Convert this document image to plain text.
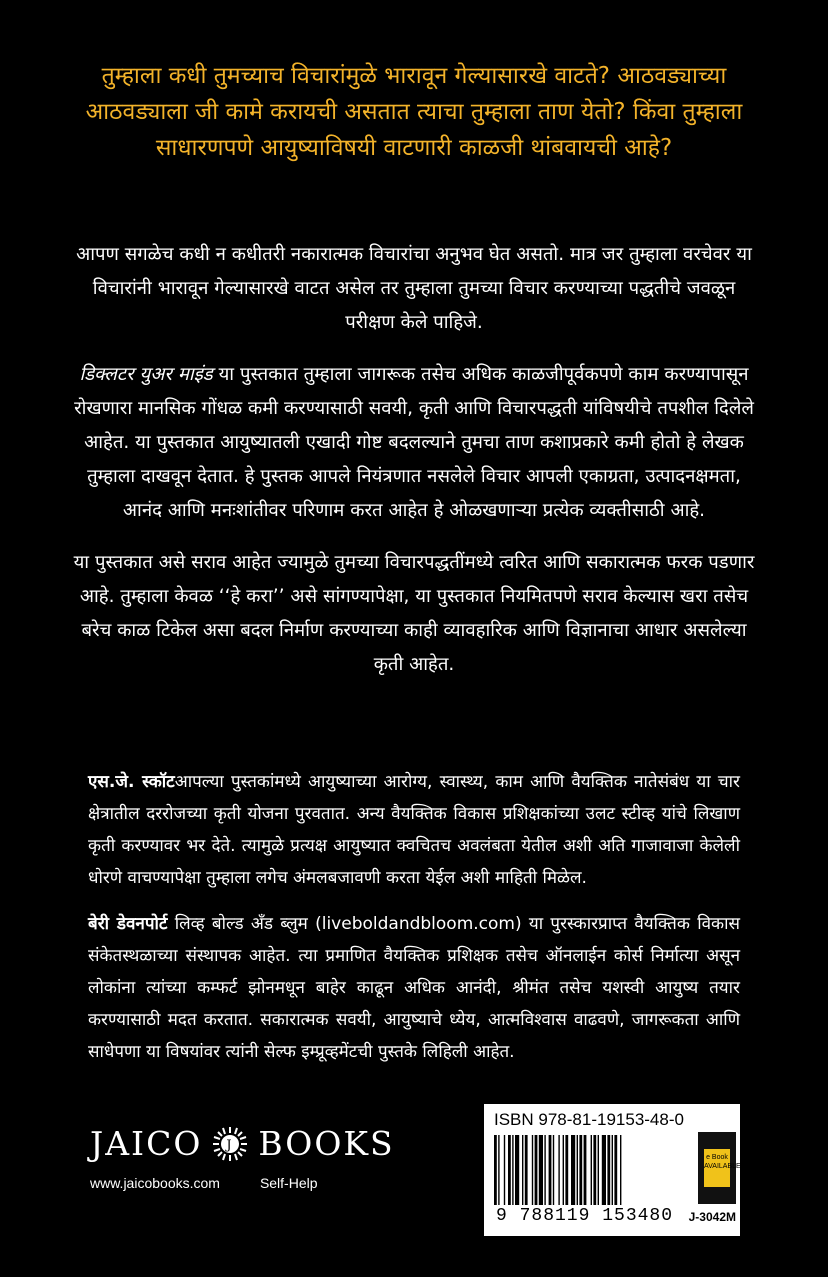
तुम्हाला कधी तुमच्याच विचारांमुळे भारावून गेल्यासारखे वाटते? आठवड्याच्या आठवड्याला जी कामे करायची असतात त्याचा तुम्हाला ताण येतो? किंवा तुम्हाला साधारणपणे आयुष्याविषयी वाटणारी काळजी थांबवायची आहे?

आपण सगळेच कधी न कधीतरी नकारात्मक विचारांचा अनुभव घेत असतो. मात्र जर तुम्हाला वरचेवर या विचारांनी भारावून गेल्यासारखे वाटत असेल तर तुम्हाला तुमच्या विचार करण्याच्या पद्धतीचे जवळून परीक्षण केले पाहिजे.

डिक्लटर युअर माइंड या पुस्तकात तुम्हाला जागरूक तसेच अधिक काळजीपूर्वकपणे काम करण्यापासून रोखणारा मानसिक गोंधळ कमी करण्यासाठी सवयी, कृती आणि विचारपद्धती यांविषयीचे तपशील दिलेले आहेत. या पुस्तकात आयुष्यातली एखादी गोष्ट बदलल्याने तुमचा ताण कशाप्रकारे कमी होतो हे लेखक तुम्हाला दाखवून देतात. हे पुस्तक आपले नियंत्रणात नसलेले विचार आपली एकाग्रता, उत्पादनक्षमता, आनंद आणि मनःशांतीवर परिणाम करत आहेत हे ओळखणाऱ्या प्रत्येक व्यक्तीसाठी आहे.

या पुस्तकात असे सराव आहेत ज्यामुळे तुमच्या विचारपद्धतींमध्ये त्वरित आणि सकारात्मक फरक पडणार आहे. तुम्हाला केवळ ‘‘हे करा’’ असे सांगण्यापेक्षा, या पुस्तकात नियमितपणे सराव केल्यास खरा तसेच बरेच काळ टिकेल असा बदल निर्माण करण्याच्या काही व्यावहारिक आणि विज्ञानाचा आधार असलेल्या कृती आहेत.

एस.जे. स्कॉटआपल्या पुस्तकांमध्ये आयुष्याच्या आरोग्य, स्वास्थ्य, काम आणि वैयक्तिक नातेसंबंध या चार क्षेत्रातील दररोजच्या कृती योजना पुरवतात. अन्य वैयक्तिक विकास प्रशिक्षकांच्या उलट स्टीव्ह यांचे लिखाण कृती करण्यावर भर देते. त्यामुळे प्रत्यक्ष आयुष्यात क्वचितच अवलंबता येतील अशी अति गाजावाजा केलेली धोरणे वाचण्यापेक्षा तुम्हाला लगेच अंमलबजावणी करता येईल अशी माहिती मिळेल.

बेरी डेवनपोर्ट लिव्ह बोल्ड अँड ब्लुम (liveboldandbloom.com) या पुरस्कारप्राप्त वैयक्तिक विकास संकेतस्थळाच्या संस्थापक आहेत. त्या प्रमाणित वैयक्तिक प्रशिक्षक तसेच ऑनलाईन कोर्स निर्मात्या असून लोकांना त्यांच्या कम्फर्ट झोनमधून बाहेर काढून अधिक आनंदी, श्रीमंत तसेच यशस्वी आयुष्य तयार करण्यासाठी मदत करतात. सकारात्मक सवयी, आयुष्याचे ध्येय, आत्मविश्वास वाढवणे, जागरूकता आणि साधेपणा या विषयांवर त्यांनी सेल्फ इम्प्रूव्हमेंटची पुस्तके लिहिली आहेत.

JAICO J BOOKS
www.jaicobooks.com	Self-Help
ISBN 978-81-19153-48-0
9 788119 153480
e Book AVAILABLE
J-3042M
